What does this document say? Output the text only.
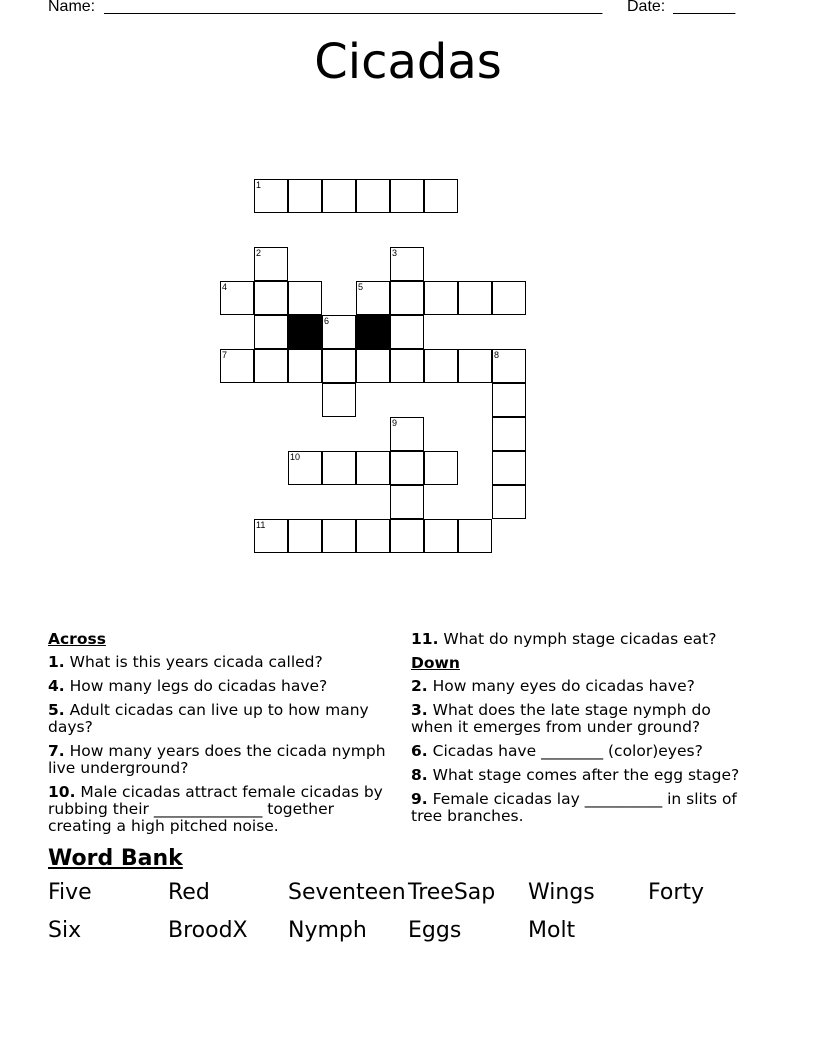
Name: ________________________________________________________	Date: _______
Cicadas
1
2	3
4	5
6
7	8
9
10
11
Across
1. What is this years cicada called?
4. How many legs do cicadas have?
5. Adult cicadas can live up to how many days?
7. How many years does the cicada nymph live underground?
10. Male cicadas attract female cicadas by rubbing their ______________ together creating a high pitched noise.
11. What do nymph stage cicadas eat?
Down
2. How many eyes do cicadas have?
3. What does the late stage nymph do when it emerges from under ground?
6. Cicadas have ________ (color)eyes?
8. What stage comes after the egg stage?
9. Female cicadas lay __________ in slits of tree branches.
Word Bank
Five	Red	Seventeen TreeSap Wings Forty
Six	BroodX Nymph Eggs	Molt
